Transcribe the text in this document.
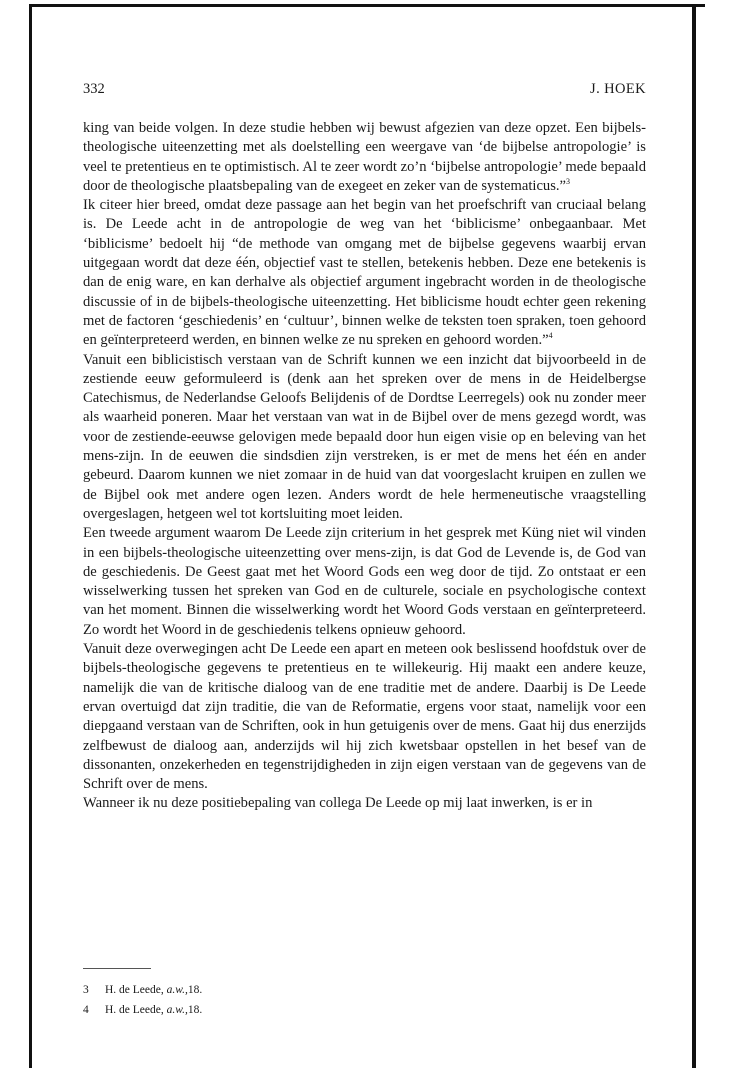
332	J. HOEK

king van beide volgen. In deze studie hebben wij bewust afgezien van deze opzet. Een bijbels-theologische uiteenzetting met als doelstelling een weergave van ‘de bijbelse antropologie’ is veel te pretentieus en te optimistisch. Al te zeer wordt zo’n ‘bijbelse antropologie’ mede bepaald door de theologische plaatsbepaling van de exegeet en zeker van de systematicus.”$^3$

Ik citeer hier breed, omdat deze passage aan het begin van het proefschrift van cruciaal belang is. De Leede acht in de antropologie de weg van het ‘biblicisme’ onbegaanbaar. Met ‘biblicisme’ bedoelt hij “de methode van omgang met de bijbelse gegevens waarbij ervan uitgegaan wordt dat deze één, objectief vast te stellen, betekenis hebben. Deze ene betekenis is dan de enig ware, en kan derhalve als objectief argument ingebracht worden in de theologische discussie of in de bijbels-theologische uiteenzetting. Het biblicisme houdt echter geen rekening met de factoren ‘geschiedenis’ en ‘cultuur’, binnen welke de teksten toen spraken, toen gehoord en geïnterpreteerd werden, en binnen welke ze nu spreken en gehoord worden.”$^4$

Vanuit een biblicistisch verstaan van de Schrift kunnen we een inzicht dat bijvoorbeeld in de zestiende eeuw geformuleerd is (denk aan het spreken over de mens in de Heidelbergse Catechismus, de Nederlandse Geloofs Belijdenis of de Dordtse Leerregels) ook nu zonder meer als waarheid poneren. Maar het verstaan van wat in de Bijbel over de mens gezegd wordt, was voor de zestiende-eeuwse gelovigen mede bepaald door hun eigen visie op en beleving van het mens-zijn. In de eeuwen die sindsdien zijn verstreken, is er met de mens het één en ander gebeurd. Daarom kunnen we niet zomaar in de huid van dat voorgeslacht kruipen en zullen we de Bijbel ook met andere ogen lezen. Anders wordt de hele hermeneutische vraagstelling overgeslagen, hetgeen wel tot kortsluiting moet leiden.

Een tweede argument waarom De Leede zijn criterium in het gesprek met Küng niet wil vinden in een bijbels-theologische uiteenzetting over mens-zijn, is dat God de Levende is, de God van de geschiedenis. De Geest gaat met het Woord Gods een weg door de tijd. Zo ontstaat er een wisselwerking tussen het spreken van God en de culturele, sociale en psychologische context van het moment. Binnen die wisselwerking wordt het Woord Gods verstaan en geïnterpreteerd. Zo wordt het Woord in de geschiedenis telkens opnieuw gehoord.

Vanuit deze overwegingen acht De Leede een apart en meteen ook beslissend hoofdstuk over de bijbels-theologische gegevens te pretentieus en te willekeurig. Hij maakt een andere keuze, namelijk die van de kritische dialoog van de ene traditie met de andere. Daarbij is De Leede ervan overtuigd dat zijn traditie, die van de Reformatie, ergens voor staat, namelijk voor een diepgaand verstaan van de Schriften, ook in hun getuigenis over de mens. Gaat hij dus enerzijds zelfbewust de dialoog aan, anderzijds wil hij zich kwetsbaar opstellen in het besef van de dissonanten, onzekerheden en tegenstrijdigheden in zijn eigen verstaan van de gegevens van de Schrift over de mens.

Wanneer ik nu deze positiebepaling van collega De Leede op mij laat inwerken, is er in

3 H. de Leede, a.w.,18.
4 H. de Leede, a.w.,18.
